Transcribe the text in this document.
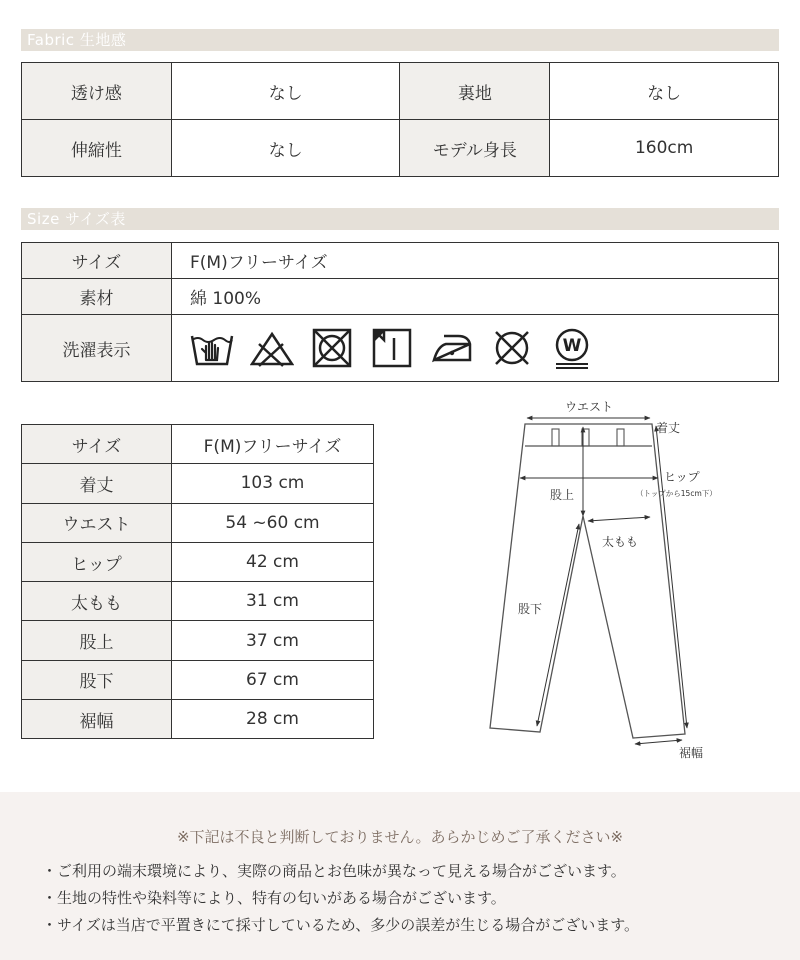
Fabric 生地感
透け感	なし	裏地	なし
伸縮性	なし	モデル身長	160cm
Size サイズ表
サイズ	F(M)フリーサイズ
素材	綿 100%
洗濯表示	W
サイズ	F(M)フリーサイズ
着丈	103 cm
ウエスト	54 ~60 cm
ヒップ	42 cm
太もも	31 cm
股上	37 cm
股下	67 cm
裾幅	28 cm
ウエスト
着丈
ヒップ
（トップから15cm下）
股上
太もも
股下
裾幅
※下記は不良と判断しておりません。あらかじめご了承ください※
・ご利用の端末環境により、実際の商品とお色味が異なって見える場合がございます。
・生地の特性や染料等により、特有の匂いがある場合がございます。
・サイズは当店で平置きにて採寸しているため、多少の誤差が生じる場合がございます。
